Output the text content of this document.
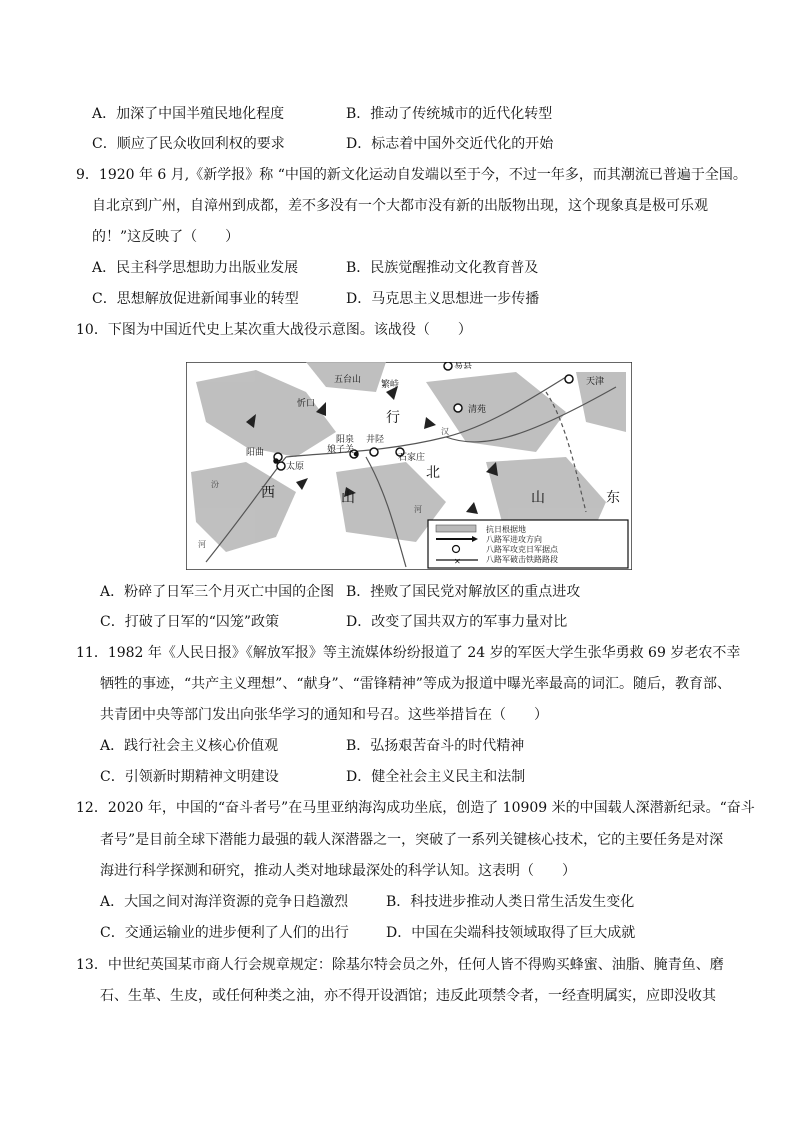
A．加深了中国半殖民地化程度	B．推动了传统城市的近代化转型
C．顺应了民众收回利权的要求	D．标志着中国外交近代化的开始
9．1920 年 6 月,《新学报》称 “中国的新文化运动自发端以至于今，不过一年多，而其潮流已普遍于全国。
自北京到广州，自漳州到成都，差不多没有一个大都市没有新的出版物出现，这个现象真是极可乐观
的！”这反映了（　　）
A．民主科学思想助力出版业发展	B．民族觉醒推动文化教育普及
C．思想解放促进新闻事业的转型	D．马克思主义思想进一步传播
10．下图为中国近代史上某次重大战役示意图。该战役（　　）
五台山
忻口
繁峙
易县
清苑
天津
阳曲
太原
阳泉 井陉
娘子关
石家庄
行
北
西	山	山	东
汾
河
河
汉
✕
抗日根据地
八路军进攻方向
八路军攻克日军据点
八路军破击铁路路段
A．粉碎了日军三个月灭亡中国的企图 B．挫败了国民党对解放区的重点进攻
C．打破了日军的“囚笼”政策	D．改变了国共双方的军事力量对比
11．1982 年《人民日报》《解放军报》等主流媒体纷纷报道了 24 岁的军医大学生张华勇救 69 岁老农不幸
牺牲的事迹，“共产主义理想”、“献身”、“雷锋精神”等成为报道中曝光率最高的词汇。随后，教育部、
共青团中央等部门发出向张华学习的通知和号召。这些举措旨在（　　）
A．践行社会主义核心价值观	B．弘扬艰苦奋斗的时代精神
C．引领新时期精神文明建设	D．健全社会主义民主和法制
12．2020 年，中国的“奋斗者号”在马里亚纳海沟成功坐底，创造了 10909 米的中国载人深潜新纪录。“奋斗
者号”是目前全球下潜能力最强的载人深潜器之一，突破了一系列关键核心技术，它的主要任务是对深
海进行科学探测和研究，推动人类对地球最深处的科学认知。这表明（　　）
A．大国之间对海洋资源的竞争日趋激烈	B．科技进步推动人类日常生活发生变化
C．交通运输业的进步便利了人们的出行	D．中国在尖端科技领域取得了巨大成就
13．中世纪英国某市商人行会规章规定：除基尔特会员之外，任何人皆不得购买蜂蜜、油脂、腌青鱼、磨
石、生革、生皮，或任何种类之油，亦不得开设酒馆；违反此项禁令者，一经查明属实，应即没收其
